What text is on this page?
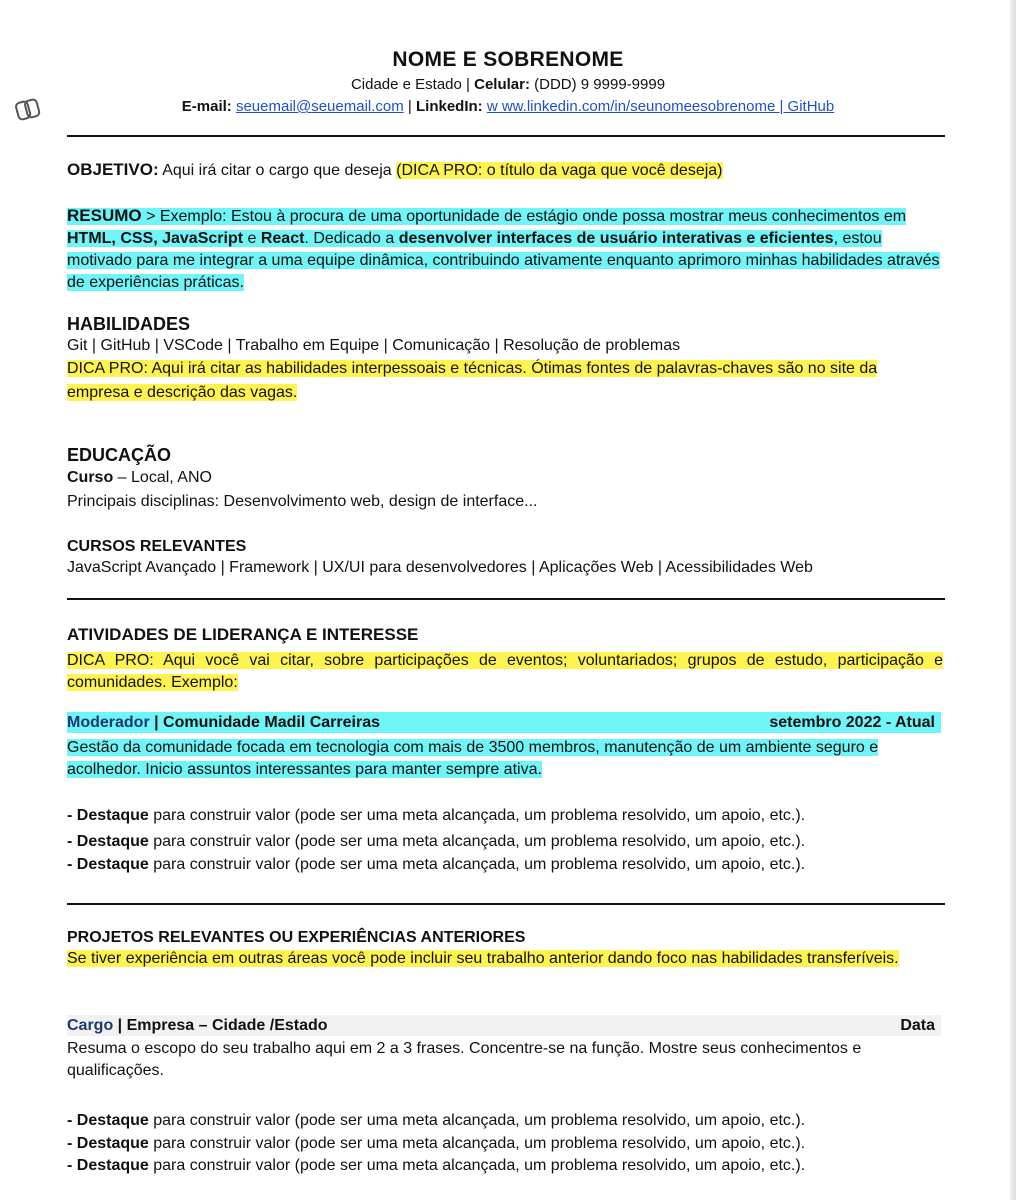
NOME E SOBRENOME
Cidade e Estado | Celular: (DDD) 9 9999-9999
E-mail: seuemail@seuemail.com | LinkedIn: w ww.linkedin.com/in/seunomeesobrenome | GitHub
OBJETIVO: Aqui irá citar o cargo que deseja (DICA PRO: o título da vaga que você deseja)
RESUMO > Exemplo: Estou à procura de uma oportunidade de estágio onde possa mostrar meus conhecimentos em HTML, CSS, JavaScript e React. Dedicado a desenvolver interfaces de usuário interativas e eficientes, estou motivado para me integrar a uma equipe dinâmica, contribuindo ativamente enquanto aprimoro minhas habilidades através de experiências práticas.
HABILIDADES
Git | GitHub | VSCode | Trabalho em Equipe | Comunicação | Resolução de problemas
DICA PRO: Aqui irá citar as habilidades interpessoais e técnicas. Ótimas fontes de palavras-chaves são no site da empresa e descrição das vagas.
EDUCAÇÃO
Curso – Local, ANO
Principais disciplinas: Desenvolvimento web, design de interface...
CURSOS RELEVANTES
JavaScript Avançado | Framework | UX/UI para desenvolvedores | Aplicações Web | Acessibilidades Web
ATIVIDADES DE LIDERANÇA E INTERESSE
DICA PRO: Aqui você vai citar, sobre participações de eventos; voluntariados; grupos de estudo, participação e comunidades. Exemplo:
Moderador | Comunidade Madil Carreiras	setembro 2022 - Atual
Gestão da comunidade focada em tecnologia com mais de 3500 membros, manutenção de um ambiente seguro e acolhedor. Inicio assuntos interessantes para manter sempre ativa.
- Destaque para construir valor (pode ser uma meta alcançada, um problema resolvido, um apoio, etc.).
- Destaque para construir valor (pode ser uma meta alcançada, um problema resolvido, um apoio, etc.).
- Destaque para construir valor (pode ser uma meta alcançada, um problema resolvido, um apoio, etc.).
PROJETOS RELEVANTES OU EXPERIÊNCIAS ANTERIORES
Se tiver experiência em outras áreas você pode incluir seu trabalho anterior dando foco nas habilidades transferíveis.
Cargo | Empresa – Cidade /Estado	Data
Resuma o escopo do seu trabalho aqui em 2 a 3 frases. Concentre-se na função. Mostre seus conhecimentos e qualificações.
- Destaque para construir valor (pode ser uma meta alcançada, um problema resolvido, um apoio, etc.).
- Destaque para construir valor (pode ser uma meta alcançada, um problema resolvido, um apoio, etc.).
- Destaque para construir valor (pode ser uma meta alcançada, um problema resolvido, um apoio, etc.).
